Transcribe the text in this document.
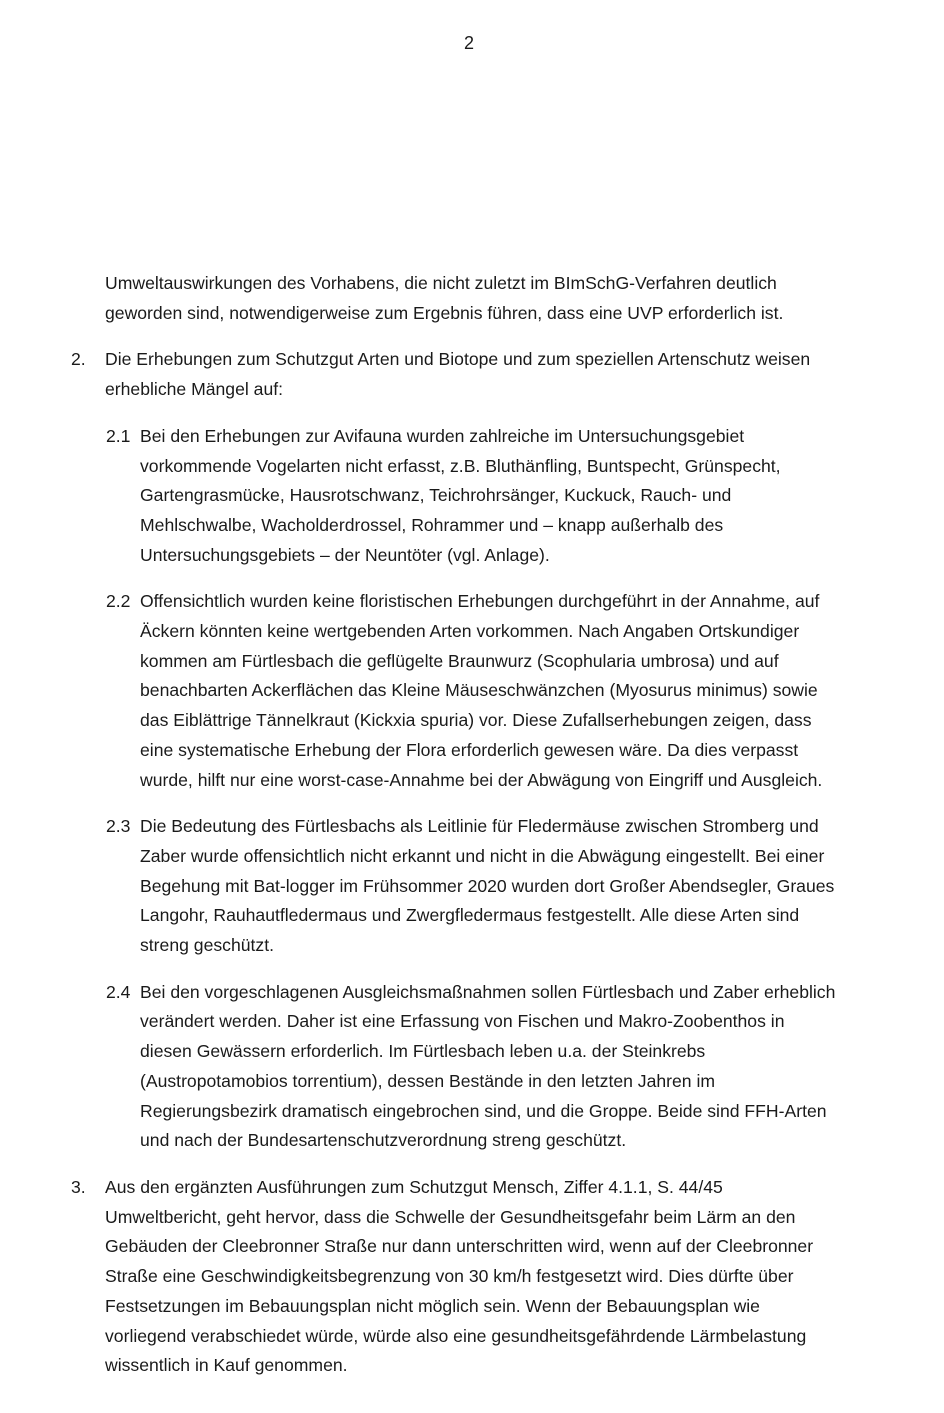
2
Umweltauswirkungen des Vorhabens, die nicht zuletzt im BImSchG-Verfahren deutlich
geworden sind, notwendigerweise zum Ergebnis führen, dass eine UVP erforderlich ist.
2. Die Erhebungen zum Schutzgut Arten und Biotope und zum speziellen Artenschutz weisen
erhebliche Mängel auf:
2.1 Bei den Erhebungen zur Avifauna wurden zahlreiche im Untersuchungsgebiet
vorkommende Vogelarten nicht erfasst, z.B. Bluthänfling, Buntspecht, Grünspecht,
Gartengrasmücke, Hausrotschwanz, Teichrohrsänger, Kuckuck, Rauch- und
Mehlschwalbe, Wacholderdrossel, Rohrammer und – knapp außerhalb des
Untersuchungsgebiets – der Neuntöter (vgl. Anlage).
2.2 Offensichtlich wurden keine floristischen Erhebungen durchgeführt in der Annahme, auf
Äckern könnten keine wertgebenden Arten vorkommen. Nach Angaben Ortskundiger
kommen am Fürtlesbach die geflügelte Braunwurz (Scophularia umbrosa) und auf
benachbarten Ackerflächen das Kleine Mäuseschwänzchen (Myosurus minimus) sowie
das Eiblättrige Tännelkraut (Kickxia spuria) vor. Diese Zufallserhebungen zeigen, dass
eine systematische Erhebung der Flora erforderlich gewesen wäre. Da dies verpasst
wurde, hilft nur eine worst-case-Annahme bei der Abwägung von Eingriff und Ausgleich.
2.3 Die Bedeutung des Fürtlesbachs als Leitlinie für Fledermäuse zwischen Stromberg und
Zaber wurde offensichtlich nicht erkannt und nicht in die Abwägung eingestellt. Bei einer
Begehung mit Bat-logger im Frühsommer 2020 wurden dort Großer Abendsegler, Graues
Langohr, Rauhautfledermaus und Zwergfledermaus festgestellt. Alle diese Arten sind
streng geschützt.
2.4 Bei den vorgeschlagenen Ausgleichsmaßnahmen sollen Fürtlesbach und Zaber erheblich
verändert werden. Daher ist eine Erfassung von Fischen und Makro-Zoobenthos in
diesen Gewässern erforderlich. Im Fürtlesbach leben u.a. der Steinkrebs
(Austropotamobios torrentium), dessen Bestände in den letzten Jahren im
Regierungsbezirk dramatisch eingebrochen sind, und die Groppe. Beide sind FFH-Arten
und nach der Bundesartenschutzverordnung streng geschützt.
3. Aus den ergänzten Ausführungen zum Schutzgut Mensch, Ziffer 4.1.1, S. 44/45
Umweltbericht, geht hervor, dass die Schwelle der Gesundheitsgefahr beim Lärm an den
Gebäuden der Cleebronner Straße nur dann unterschritten wird, wenn auf der Cleebronner
Straße eine Geschwindigkeitsbegrenzung von 30 km/h festgesetzt wird. Dies dürfte über
Festsetzungen im Bebauungsplan nicht möglich sein. Wenn der Bebauungsplan wie
vorliegend verabschiedet würde, würde also eine gesundheitsgefährdende Lärmbelastung
wissentlich in Kauf genommen.
